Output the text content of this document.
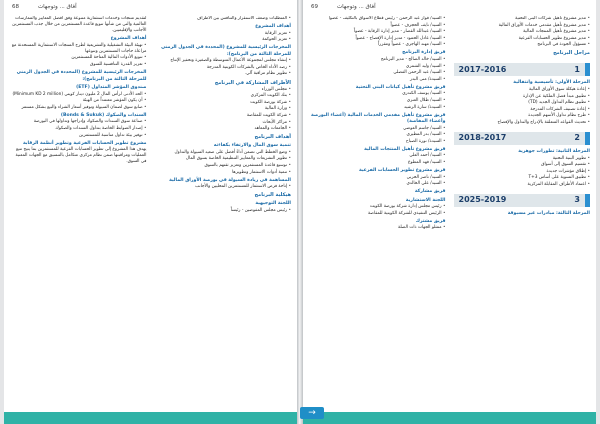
68	آفاق ... وتوجهات
• المتطلبات وضعف الاستقرار والتنافس بين الأطراف
أهداف المشروع
• تعزيز الرقابة
• تعزيز الحوكمة
المخرجات الرئيسية للمشروع (المحددة في الجدول الزمني للمرحلة الثالثة من البرنامج):
• إنشاء مجلس لمجموعة الأعمال المتوسطة والصغيرة وتحفيز الإنتاج
• رصد الأداء الخاص بالشركات الكويتية المدرجة
• تطوير نظام مراقبة آلي.
الأطراف المشاركة في البرنامج
• مجلس الوزراء
• بنك الكويت المركزي
• شركة بورصة الكويت
• وزارة المالية
• شركة الكويت للمقاصة
• مراكز الأبحاث
• الجامعات والمعاهد
أهداف البرنامج
تنمية سوق المال والارتقاء بكفاءته
• وضع الخطط التي تضمن أداءً أفضل على صعيد السيولة والتداول
• تطوير التشريعات والمعايير التنظيمية الخاصة بسوق المال
• توسيع قاعدة المستثمرين وتعزيز ثقتهم بالسوق
• تنمية أدوات الاستثمار وتطويرها
المساهمة في زيادة السيولة في بورصة الأوراق المالية
• إتاحة فرص الاستثمار للمستثمرين المحليين والأجانب
هيكلية البرنامج
اللجنة التوجيهية
• رئيس مجلس المفوضين - رئيساً
لتقديم منتجات وخدمات استثمارية متنوعة وفق أفضل المعايير والممارسات العالمية والتي من شأنها تنويع قاعدة المستثمرين من خلال جذب المستثمرين الأجانب والإقليميين.
أهداف المشروع
• تهيئة البيئة التشغيلية والتشريعية لطرح المنتجات الاستثمارية المستحدثة مع مراعاة حاجات المستثمرين وتنوعها
• تنويع الأدوات المالية المتاحة للمستثمرين
• تعزيز القدرة التنافسية للسوق
المخرجات الرئيسية للمشروع (المحددة في الجدول الزمني للمرحلة الثالثة من البرنامج):
صندوق المؤشر المتداول (ETF)
• الحد الأدنى لرأس المال 2 مليون دينار كويتي (Minimum KD 2 million)
• أن يكون المؤشر معتمداً من الهيئة
• صانع سوق لضمان السيولة وتوفير أسعار الشراء والبيع بشكل مستمر
السندات والصكوك (Bonds & Sukuk)
• صناعة سوق السندات والصكوك وإدراجها وتداولها في البورصة
• إصدار الضوابط الخاصة بتداول السندات والصكوك
• توفير بيئة تداول مناسبة للمستثمرين
مشروع تطوير الحسابات الفرعية وتطوير أنظمة الرقابة
يهدف هذا المشروع إلى تطوير الحسابات الفرعية للمستثمرين بما يتيح تتبع العمليات ومراقبتها ضمن نظام مركزي متكامل بالتنسيق مع الجهات المعنية في السوق.
69	آفاق ... وتوجهات
• مدير مشروع تأهيل شركات البنى التحتية
• مدير مشروع تأهيل مقدمي خدمات الأوراق المالية
• مدير مشروع تأهيل المنتجات المالية
• مدير مشروع تطوير الحسابات الفرعية
• مسؤول الجودة في البرنامج
مراحل البرنامج
1
2017-2016
المرحلة الأولى: تأسيسية وانتقالية
• إعادة هيكلة سوق الأوراق المالية
• تطبيق مبدأ فصل الملكية عن الإدارة
• تطبيق نظام التداول الجديد (TD)
• إعادة تصنيف الشركات المدرجة
• طرح نظام تداول الأسهم الجديدة
• تحديث القواعد المتعلقة بالإدراج والتداول والإفصاح
2
2018-2017
المرحلة الثانية: تطورات جوهرية
• تطوير البنية التحتية
• تقسيم السوق إلى أسواق
• إطلاق مؤشرات جديدة
• تطبيق التسوية على أساس T+3
• اعتماد الأطراف المقابلة المركزية
3
2025-2019
المرحلة الثالثة: مبادرات غير مسبوقة
• السيد/ فواز عبد الرحمن - رئيس قطاع الأسواق بالتكليف - عضواً
• السيد/ نايف الحجرف - عضواً
• السيد/ عبدالله القصار - مدير إدارة الرقابة - عضواً
• السيد/ عادل الحمود - مدير إدارة الإفصاح - عضواً
• السيد/ مهند الهاجري - عضواً ومقرراً
فريق إدارة البرنامج
• السيد/ خالد الصالح - مدير البرنامج
• السيد/ وليد الشمري
• السيد/ عبد الرحمن الفضلي
• السيدة/ منى البدر
فريق مشروع تأهيل كيانات البنى التحتية
• السيد/ يوسف الكندري
• السيد/ طلال العنزي
• السيدة/ سارة الرشيد
فريق مشروع تأهيل مقدمي الخدمات المالية (أعضاء البورصة وأعضاء المقاصة)
• السيد/ جاسم العوضي
• السيد/ بدر المطيري
• السيدة/ نورة الصباح
فريق مشروع تأهيل المنتجات المالية
• السيد/ أحمد العلي
• السيد/ فهد المطوع
فريق مشروع تطوير الحسابات الفرعية
• السيد/ ناصر الحربي
• السيد/ علي الخالدي
فريق مشاركة
اللجنة الاستشارية
• رئيس مجلس إدارة شركة بورصة الكويت
• الرئيس التنفيذي للشركة الكويتية للمقاصة
فريق مشترك
• ممثلو الجهات ذات الصلة
→
